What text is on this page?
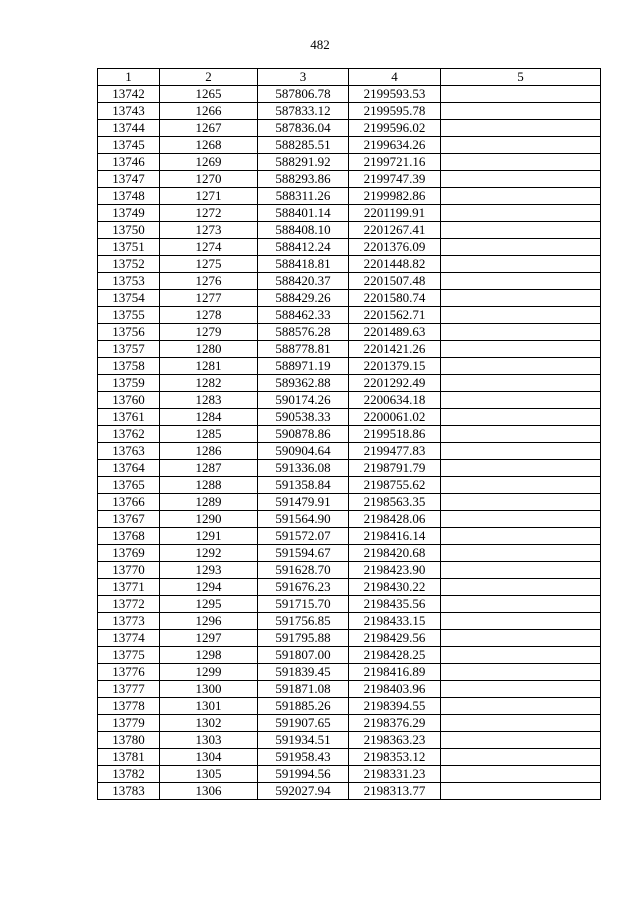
482
1	2	3	4	5
13742	1265	587806.78	2199593.53	
13743	1266	587833.12	2199595.78	
13744	1267	587836.04	2199596.02	
13745	1268	588285.51	2199634.26	
13746	1269	588291.92	2199721.16	
13747	1270	588293.86	2199747.39	
13748	1271	588311.26	2199982.86	
13749	1272	588401.14	2201199.91	
13750	1273	588408.10	2201267.41	
13751	1274	588412.24	2201376.09	
13752	1275	588418.81	2201448.82	
13753	1276	588420.37	2201507.48	
13754	1277	588429.26	2201580.74	
13755	1278	588462.33	2201562.71	
13756	1279	588576.28	2201489.63	
13757	1280	588778.81	2201421.26	
13758	1281	588971.19	2201379.15	
13759	1282	589362.88	2201292.49	
13760	1283	590174.26	2200634.18	
13761	1284	590538.33	2200061.02	
13762	1285	590878.86	2199518.86	
13763	1286	590904.64	2199477.83	
13764	1287	591336.08	2198791.79	
13765	1288	591358.84	2198755.62	
13766	1289	591479.91	2198563.35	
13767	1290	591564.90	2198428.06	
13768	1291	591572.07	2198416.14	
13769	1292	591594.67	2198420.68	
13770	1293	591628.70	2198423.90	
13771	1294	591676.23	2198430.22	
13772	1295	591715.70	2198435.56	
13773	1296	591756.85	2198433.15	
13774	1297	591795.88	2198429.56	
13775	1298	591807.00	2198428.25	
13776	1299	591839.45	2198416.89	
13777	1300	591871.08	2198403.96	
13778	1301	591885.26	2198394.55	
13779	1302	591907.65	2198376.29	
13780	1303	591934.51	2198363.23	
13781	1304	591958.43	2198353.12	
13782	1305	591994.56	2198331.23	
13783	1306	592027.94	2198313.77	
